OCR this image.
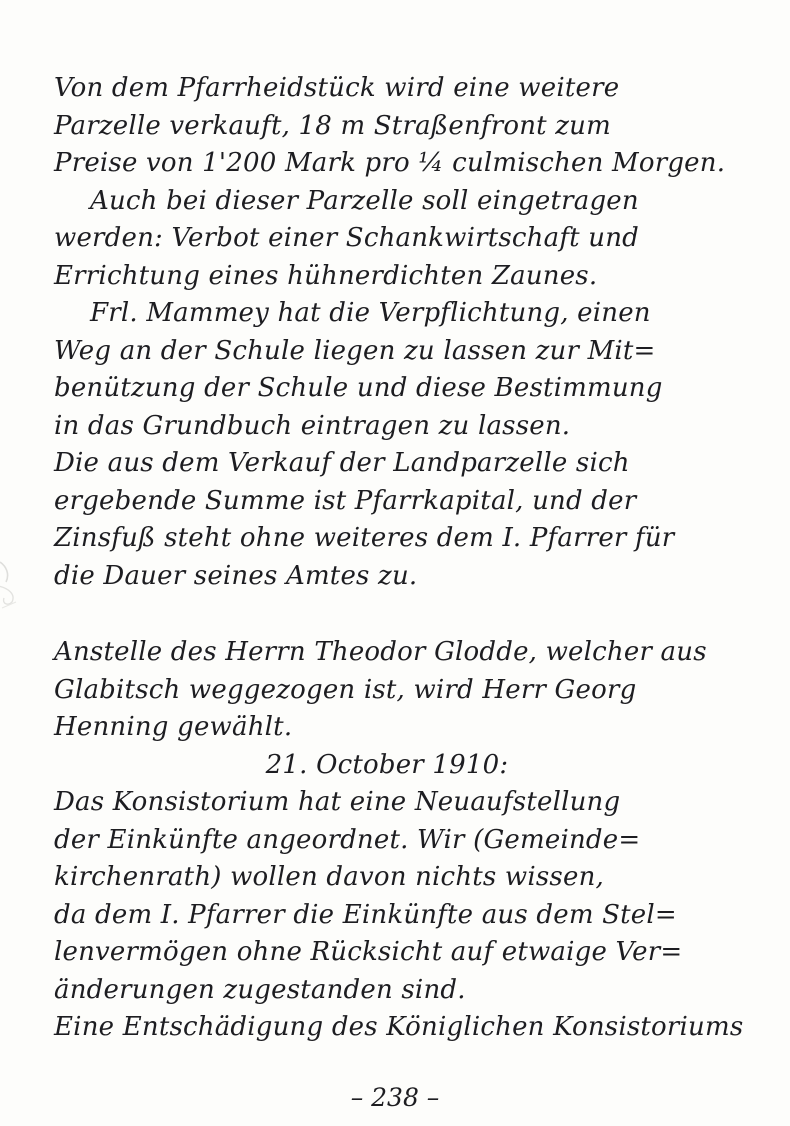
Von dem Pfarrheidstück wird eine weitere

Parzelle verkauft, 18 m Straßenfront zum

Preise von 1'200 Mark pro ¼ culmischen Morgen.

Auch bei dieser Parzelle soll eingetragen

werden: Verbot einer Schankwirtschaft und

Errichtung eines hühnerdichten Zaunes.

Frl. Mammey hat die Verpflichtung, einen

Weg an der Schule liegen zu lassen zur Mit=

benützung der Schule und diese Bestimmung

in das Grundbuch eintragen zu lassen.

Die aus dem Verkauf der Landparzelle sich

ergebende Summe ist Pfarrkapital, und der

Zinsfuß steht ohne weiteres dem I. Pfarrer für

die Dauer seines Amtes zu.

Anstelle des Herrn Theodor Glodde, welcher aus

Glabitsch weggezogen ist, wird Herr Georg

Henning gewählt.

21. October 1910:

Das Konsistorium hat eine Neuaufstellung

der Einkünfte angeordnet. Wir (Gemeinde=

kirchenrath) wollen davon nichts wissen,

da dem I. Pfarrer die Einkünfte aus dem Stel=

lenvermögen ohne Rücksicht auf etwaige Ver=

änderungen zugestanden sind.

Eine Entschädigung des Königlichen Konsistoriums

– 238 –
